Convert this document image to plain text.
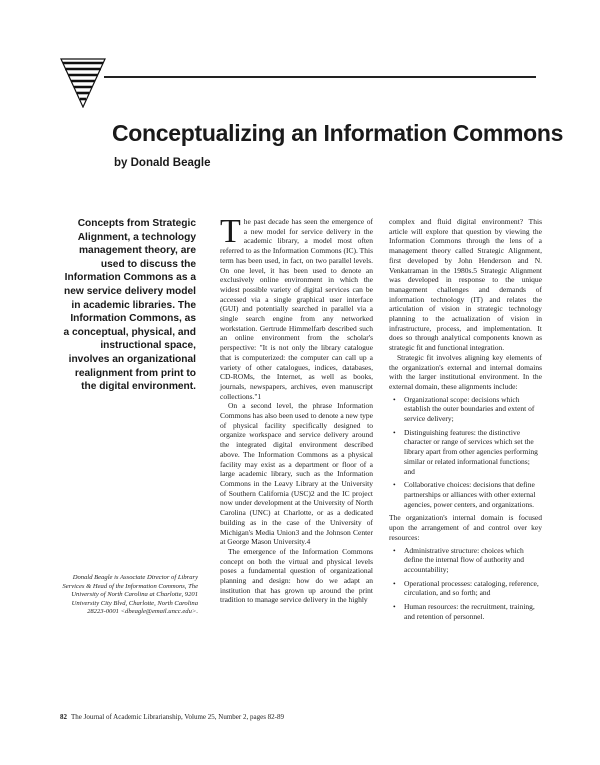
Conceptualizing an Information Commons
by Donald Beagle

Concepts from Strategic Alignment, a technology management theory, are used to discuss the Information Commons as a new service delivery model in academic libraries. The Information Commons, as a conceptual, physical, and instructional space, involves an organizational realignment from print to the digital environment.

Donald Beagle is Associate Director of Library Services & Head of the Information Commons, The University of North Carolina at Charlotte, 9201 University City Blvd, Charlotte, North Carolina 28223-0001 <dbeagle@email.uncc.edu>.

The past decade has seen the emergence of a new model for service delivery in the academic library, a model most often referred to as the Information Commons (IC). This term has been used, in fact, on two parallel levels. On one level, it has been used to denote an exclusively online environment in which the widest possible variety of digital services can be accessed via a single graphical user interface (GUI) and potentially searched in parallel via a single search engine from any networked workstation. Gertrude Himmelfarb described such an online environment from the scholar's perspective: "It is not only the library catalogue that is computerized: the computer can call up a variety of other catalogues, indices, databases, CD-ROMs, the Internet, as well as books, journals, newspapers, archives, even manuscript collections."1

On a second level, the phrase Information Commons has also been used to denote a new type of physical facility specifically designed to organize workspace and service delivery around the integrated digital environment described above. The Information Commons as a physical facility may exist as a department or floor of a large academic library, such as the Information Commons in the Leavy Library at the University of Southern California (USC)2 and the IC project now under development at the University of North Carolina (UNC) at Charlotte, or as a dedicated building as in the case of the University of Michigan's Media Union3 and the Johnson Center at George Mason University.4

The emergence of the Information Commons concept on both the virtual and physical levels poses a fundamental question of organizational planning and design: how do we adapt an institution that has grown up around the print tradition to manage service delivery in the highly

complex and fluid digital environment? This article will explore that question by viewing the Information Commons through the lens of a management theory called Strategic Alignment, first developed by John Henderson and N. Venkatraman in the 1980s.5 Strategic Alignment was developed in response to the unique management challenges and demands of information technology (IT) and relates the articulation of vision in strategic technology planning to the actualization of vision in infrastructure, process, and implementation. It does so through analytical components known as strategic fit and functional integration.

Strategic fit involves aligning key elements of the organization's external and internal domains with the larger institutional environment. In the external domain, these alignments include:

• Organizational scope: decisions which establish the outer boundaries and extent of service delivery;
• Distinguishing features: the distinctive character or range of services which set the library apart from other agencies performing similar or related informational functions; and
• Collaborative choices: decisions that define partnerships or alliances with other external agencies, power centers, and organizations.

The organization's internal domain is focused upon the arrangement of and control over key resources:

• Administrative structure: choices which define the internal flow of authority and accountability;
• Operational processes: cataloging, reference, circulation, and so forth; and
• Human resources: the recruitment, training, and retention of personnel.
82 The Journal of Academic Librarianship, Volume 25, Number 2, pages 82-89
